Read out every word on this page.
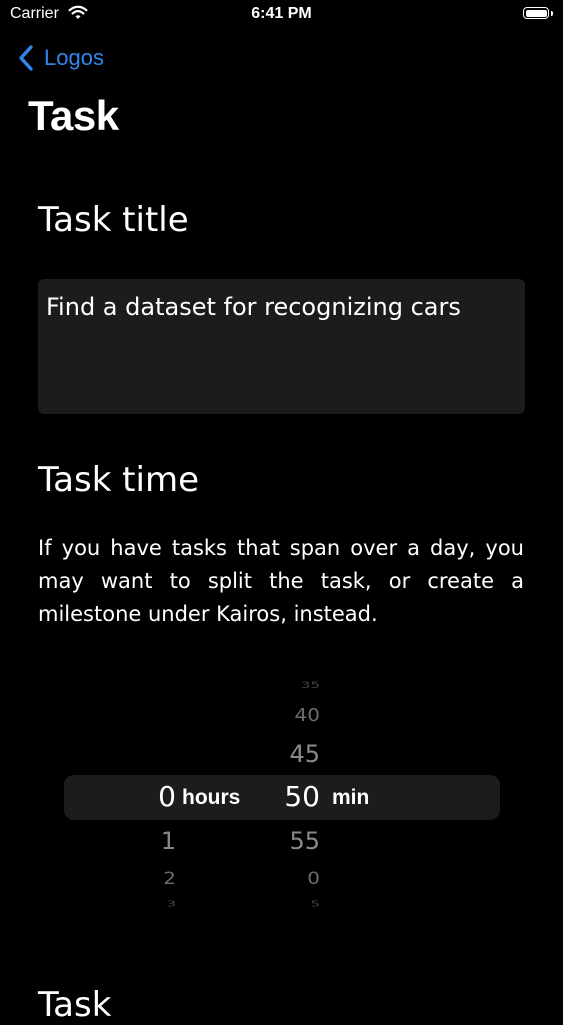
Carrier	6:41 PM
Logos
Task
Task title
Find a dataset for recognizing cars
Task time
If you have tasks that span over a day, you may want to split the task, or create a milestone under Kairos, instead.
0
1
2
3
hours
35
40
45
50
55
0
5
min
Task
